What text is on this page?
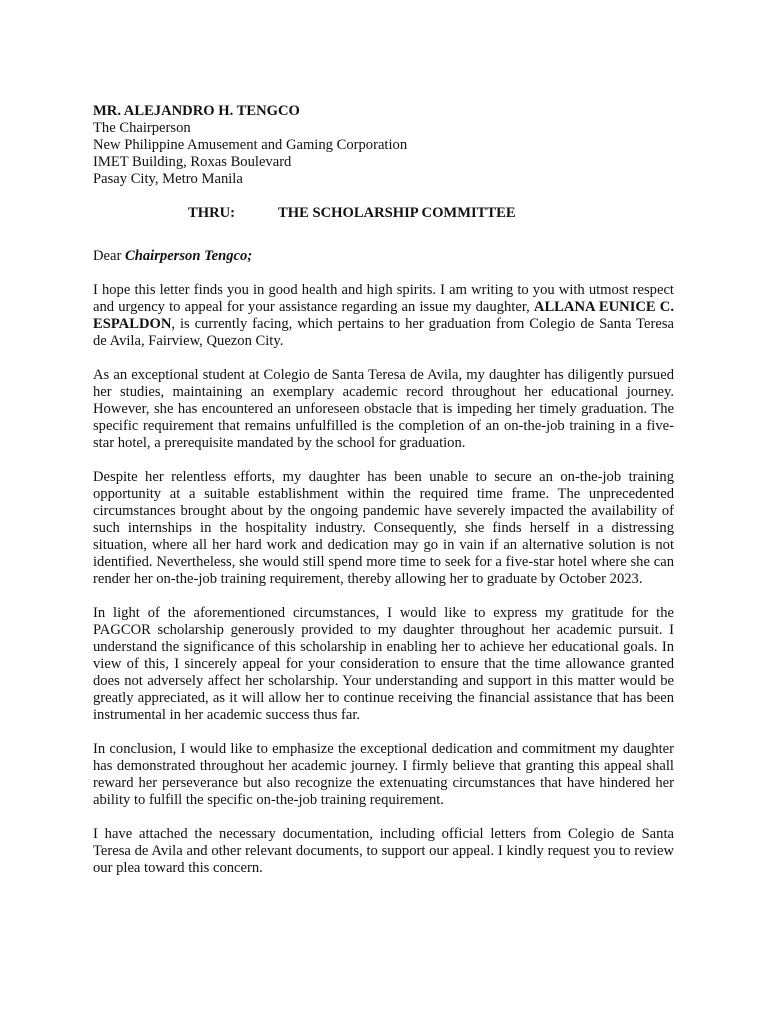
MR. ALEJANDRO H. TENGCO
The Chairperson
New Philippine Amusement and Gaming Corporation
IMET Building, Roxas Boulevard
Pasay City, Metro Manila
THRU:	THE SCHOLARSHIP COMMITTEE
Dear Chairperson Tengco;

I hope this letter finds you in good health and high spirits. I am writing to you with utmost respect and urgency to appeal for your assistance regarding an issue my daughter, ALLANA EUNICE C. ESPALDON, is currently facing, which pertains to her graduation from Colegio de Santa Teresa de Avila, Fairview, Quezon City.

As an exceptional student at Colegio de Santa Teresa de Avila, my daughter has diligently pursued her studies, maintaining an exemplary academic record throughout her educational journey. However, she has encountered an unforeseen obstacle that is impeding her timely graduation. The specific requirement that remains unfulfilled is the completion of an on-the-job training in a five-star hotel, a prerequisite mandated by the school for graduation.

Despite her relentless efforts, my daughter has been unable to secure an on-the-job training opportunity at a suitable establishment within the required time frame. The unprecedented circumstances brought about by the ongoing pandemic have severely impacted the availability of such internships in the hospitality industry. Consequently, she finds herself in a distressing situation, where all her hard work and dedication may go in vain if an alternative solution is not identified. Nevertheless, she would still spend more time to seek for a five-star hotel where she can render her on-the-job training requirement, thereby allowing her to graduate by October 2023.

In light of the aforementioned circumstances, I would like to express my gratitude for the PAGCOR scholarship generously provided to my daughter throughout her academic pursuit. I understand the significance of this scholarship in enabling her to achieve her educational goals. In view of this, I sincerely appeal for your consideration to ensure that the time allowance granted does not adversely affect her scholarship. Your understanding and support in this matter would be greatly appreciated, as it will allow her to continue receiving the financial assistance that has been instrumental in her academic success thus far.

In conclusion, I would like to emphasize the exceptional dedication and commitment my daughter has demonstrated throughout her academic journey. I firmly believe that granting this appeal shall reward her perseverance but also recognize the extenuating circumstances that have hindered her ability to fulfill the specific on-the-job training requirement.

I have attached the necessary documentation, including official letters from Colegio de Santa Teresa de Avila and other relevant documents, to support our appeal. I kindly request you to review our plea toward this concern.
